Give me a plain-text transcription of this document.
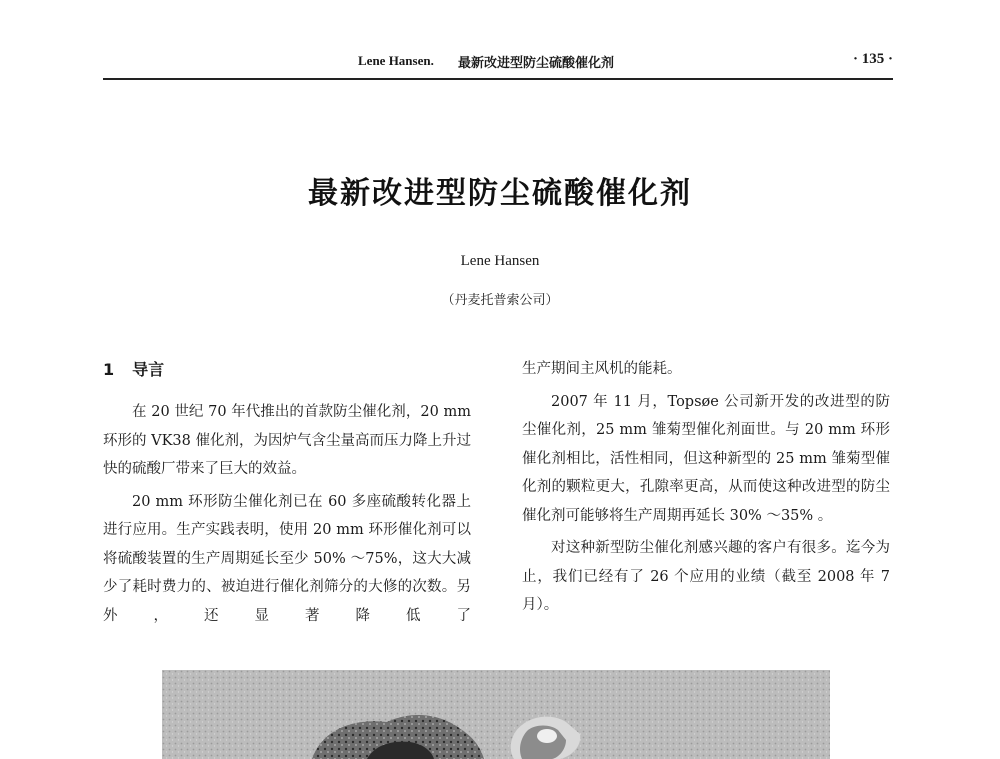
Lene Hansen. 最新改进型防尘硫酸催化剂	· 135 ·
最新改进型防尘硫酸催化剂
Lene Hansen
（丹麦托普索公司）
1 导言

在 20 世纪 70 年代推出的首款防尘催化剂，20 mm 环形的 VK38 催化剂，为因炉气含尘量高而压力降上升过快的硫酸厂带来了巨大的效益。

20 mm 环形防尘催化剂已在 60 多座硫酸转化器上进行应用。生产实践表明，使用 20 mm 环形催化剂可以将硫酸装置的生产周期延长至少 50% ～75%，这大大减少了耗时费力的、被迫进行催化剂筛分的大修的次数。另外，还显著降低了

生产期间主风机的能耗。

2007 年 11 月，Topsøe 公司新开发的改进型的防尘催化剂，25 mm 雏菊型催化剂面世。与 20 mm 环形催化剂相比，活性相同，但这种新型的 25 mm 雏菊型催化剂的颗粒更大，孔隙率更高，从而使这种改进型的防尘催化剂可能够将生产周期再延长 30% ～35% 。

对这种新型防尘催化剂感兴趣的客户有很多。迄今为止，我们已经有了 26 个应用的业绩（截至 2008 年 7 月）。
